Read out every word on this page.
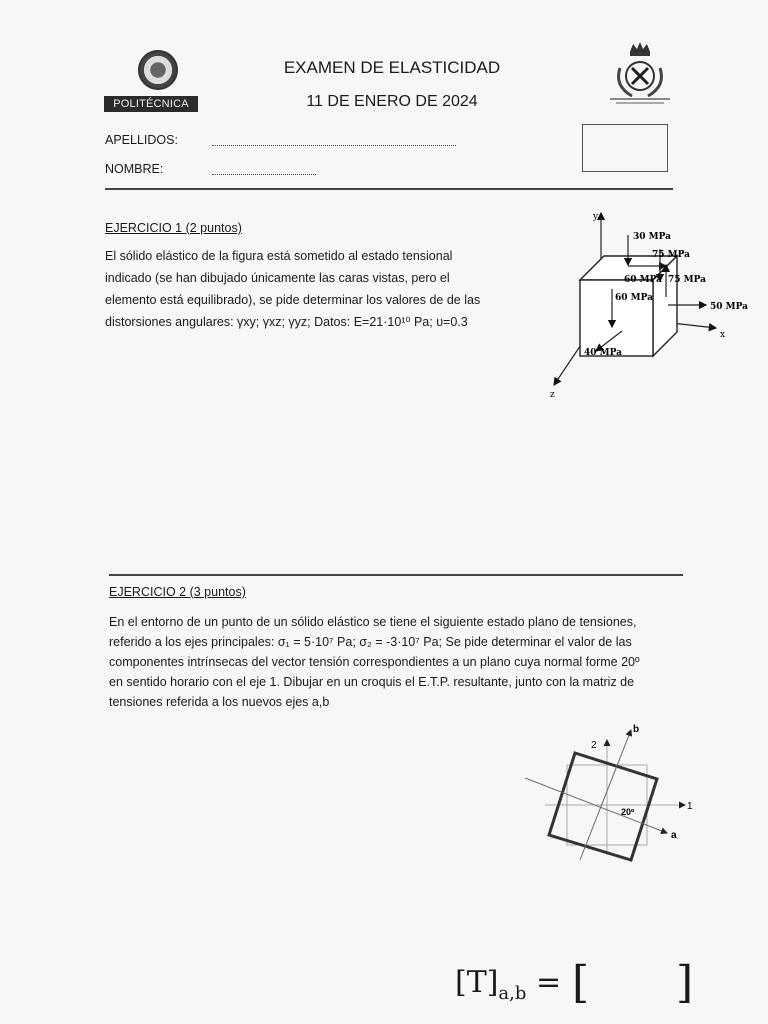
POLITÉCNICA
EXAMEN DE ELASTICIDAD
11 DE ENERO DE 2024
APELLIDOS:
NOMBRE:
EJERCICIO 1 (2 puntos)
El sólido elástico de la figura está sometido al estado tensional
indicado (se han dibujado únicamente las caras vistas, pero el
elemento está equilibrado), se pide determinar los valores de de las
distorsiones angulares: γxy; γxz; γyz; Datos: E=21·10¹⁰ Pa; υ=0.3
y
x
z
30 MPa
75 MPa
60 MPa 75 MPa
60 MPa
50 MPa
40 MPa
EJERCICIO 2 (3 puntos)
En el entorno de un punto de un sólido elástico se tiene el siguiente estado plano de tensiones,
referido a los ejes principales: σ₁ = 5·10⁷ Pa; σ₂ = -3·10⁷ Pa; Se pide determinar el valor de las
componentes intrínsecas del vector tensión correspondientes a un plano cuya normal forme 20º
en sentido horario con el eje 1. Dibujar en un croquis el E.T.P. resultante, junto con la matriz de
tensiones referida a los nuevos ejes a,b
2
1
b
a
20º
$[T]_{a,b}$ = [ ]
